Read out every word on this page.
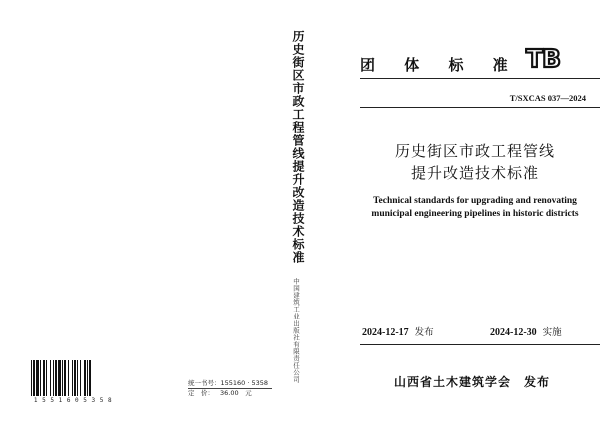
1 5 5 1 6 0 5 3 5 8
统一书号：155160 · 5358
定　价： 36.00　元
历史街区市政工程管线提升改造技术标准
中国建筑工业出版社有限责任公司
团 体 标 准 TB
T/SXCAS 037—2024
历史街区市政工程管线
提升改造技术标准
Technical standards for upgrading and renovating
municipal engineering pipelines in historic districts
2024-12-17 发布	2024-12-30 实施
山西省土木建筑学会　发布
